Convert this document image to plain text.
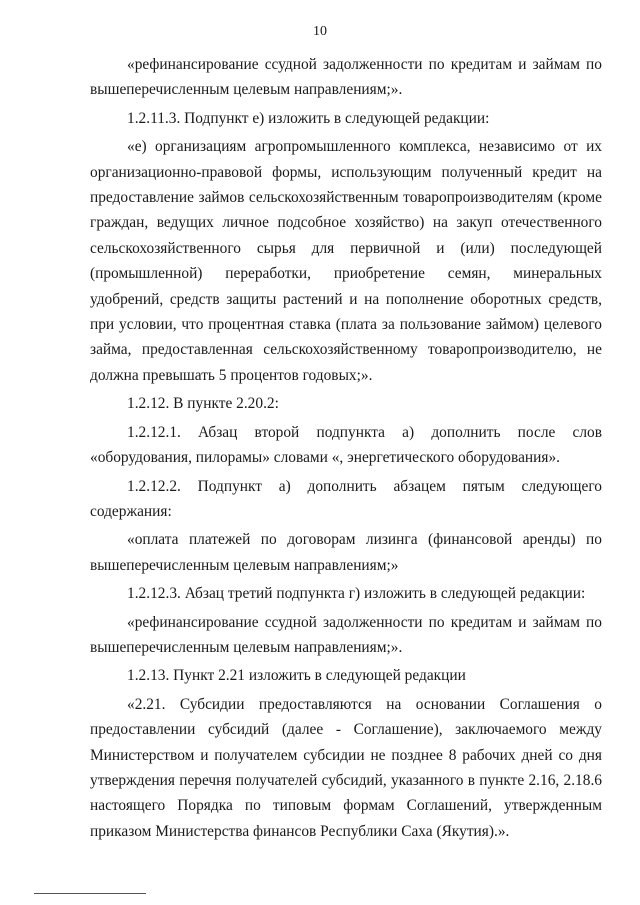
10

«рефинансирование ссудной задолженности по кредитам и займам по вышеперечисленным целевым направлениям;».

1.2.11.3. Подпункт е) изложить в следующей редакции:

«е) организациям агропромышленного комплекса, независимо от их организационно-правовой формы, использующим полученный кредит на предоставление займов сельскохозяйственным товаропроизводителям (кроме граждан, ведущих личное подсобное хозяйство) на закуп отечественного сельскохозяйственного сырья для первичной и (или) последующей (промышленной) переработки, приобретение семян, минеральных удобрений, средств защиты растений и на пополнение оборотных средств, при условии, что процентная ставка (плата за пользование займом) целевого займа, предоставленная сельскохозяйственному товаропроизводителю, не должна превышать 5 процентов годовых;».

1.2.12. В пункте 2.20.2:

1.2.12.1. Абзац второй подпункта а) дополнить после слов «оборудования, пилорамы» словами «, энергетического оборудования».

1.2.12.2. Подпункт а) дополнить абзацем пятым следующего содержания:

«оплата платежей по договорам лизинга (финансовой аренды) по вышеперечисленным целевым направлениям;»

1.2.12.3. Абзац третий подпункта г) изложить в следующей редакции:

«рефинансирование ссудной задолженности по кредитам и займам по вышеперечисленным целевым направлениям;».

1.2.13. Пункт 2.21 изложить в следующей редакции

«2.21. Субсидии предоставляются на основании Соглашения о предоставлении субсидий (далее - Соглашение), заключаемого между Министерством и получателем субсидии не позднее 8 рабочих дней со дня утверждения перечня получателей субсидий, указанного в пункте 2.16, 2.18.6 настоящего Порядка по типовым формам Соглашений, утвержденным приказом Министерства финансов Республики Саха (Якутия).».
